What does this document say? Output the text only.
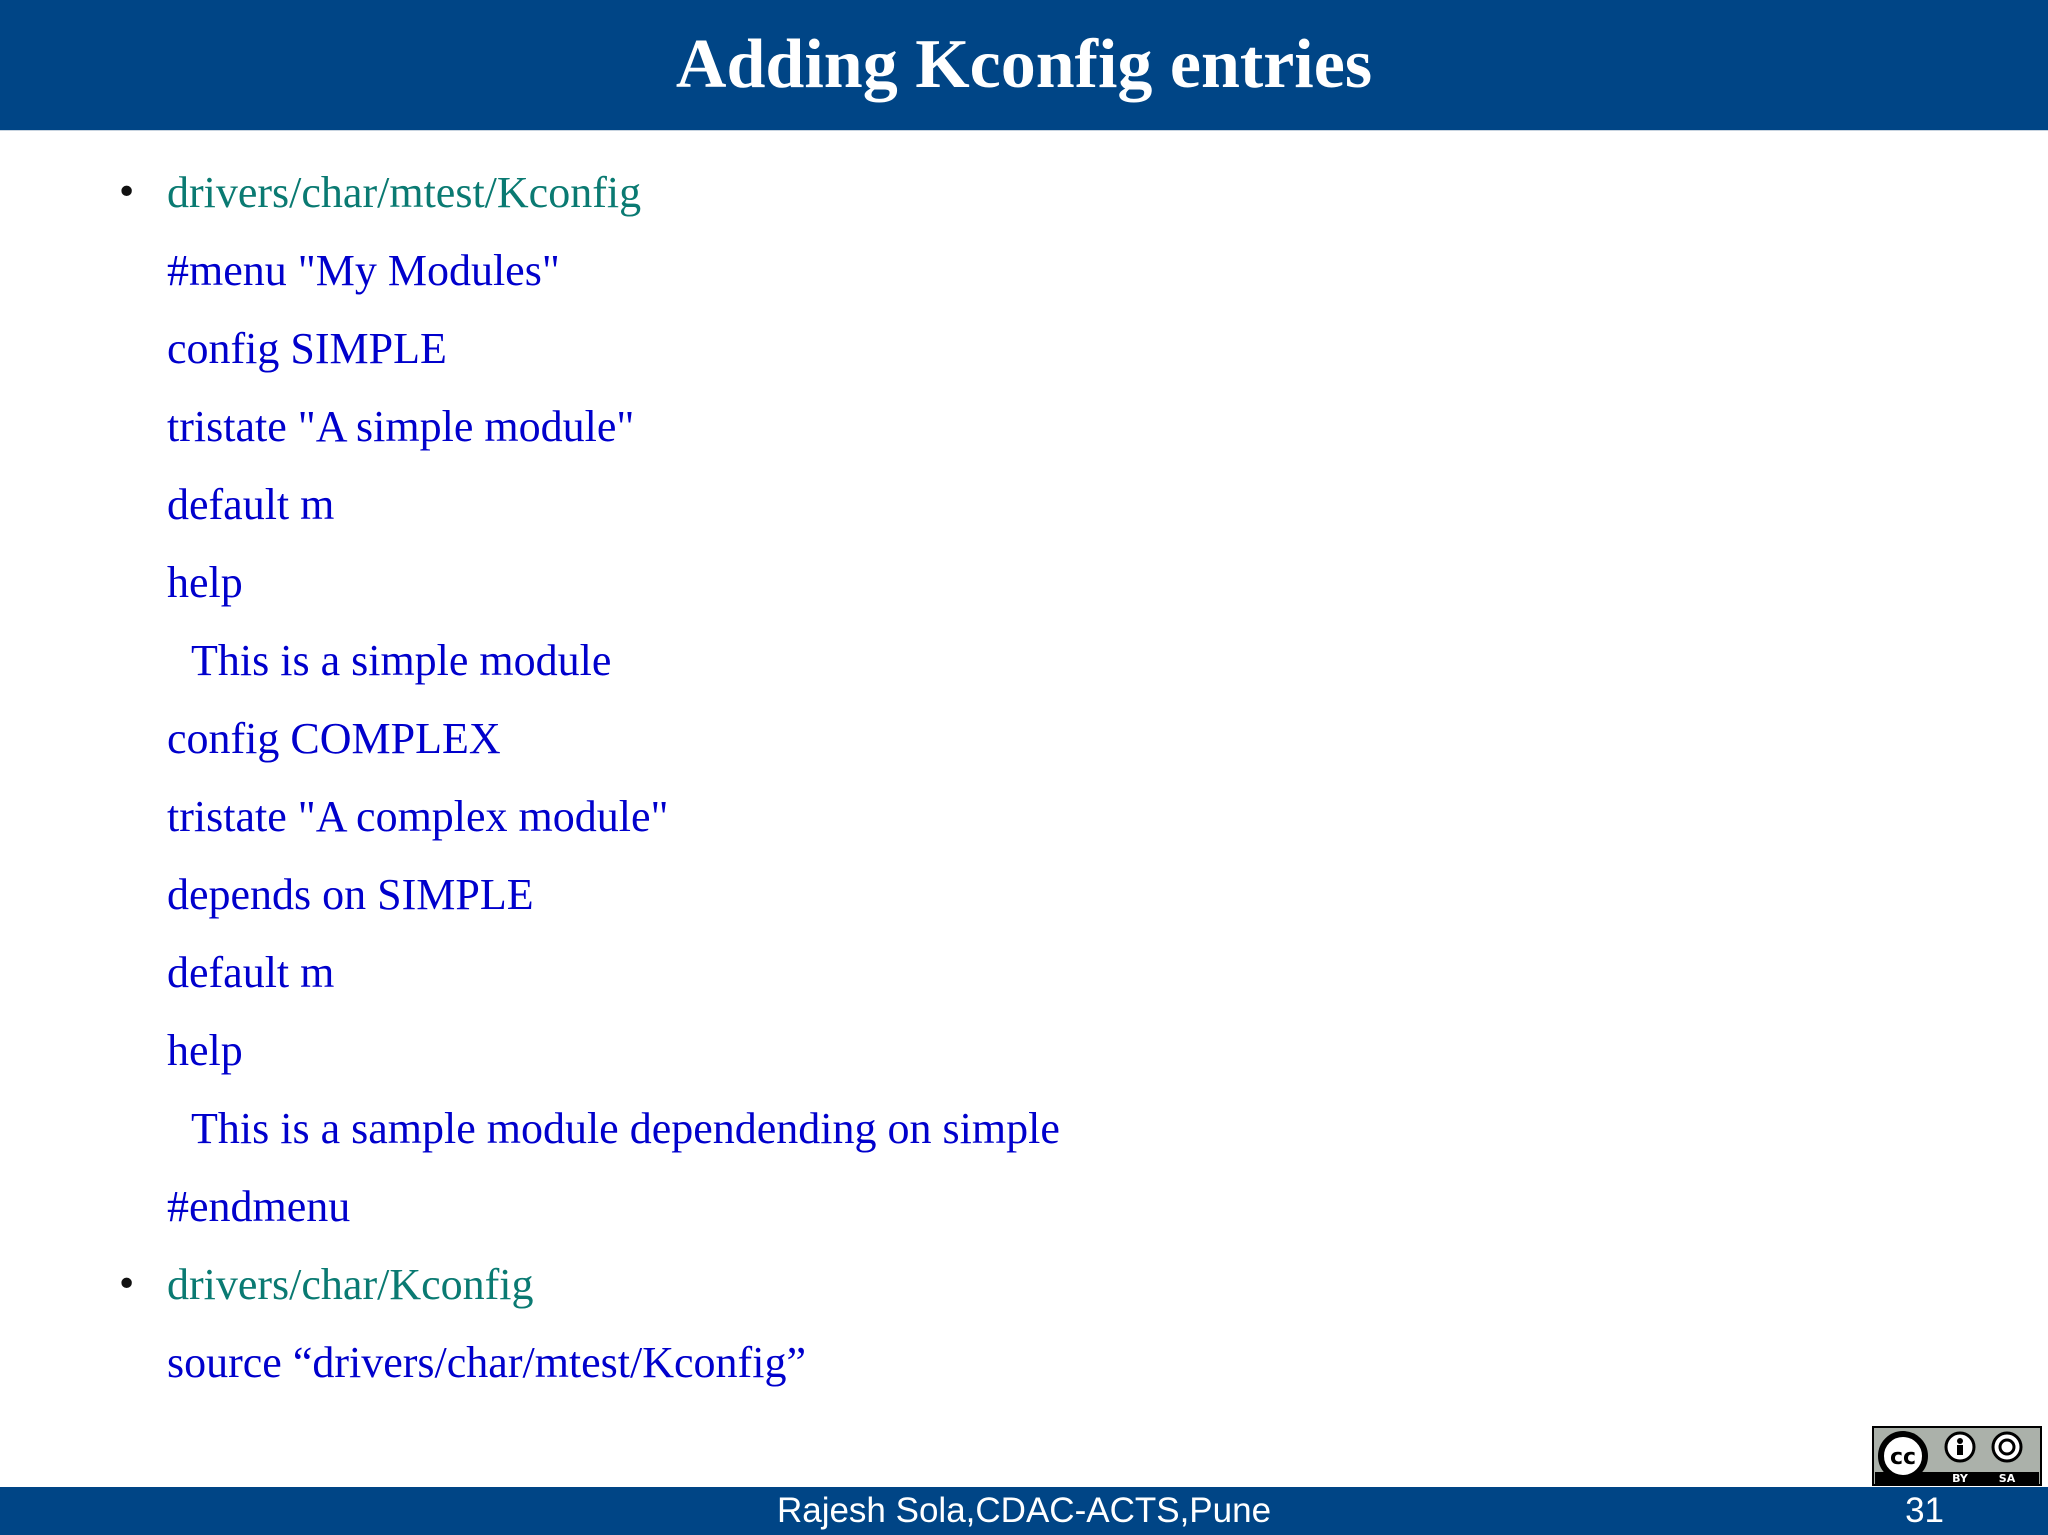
Adding Kconfig entries
• drivers/char/mtest/Kconfig
#menu "My Modules"
config SIMPLE
tristate "A simple module"
default m
help
This is a simple module
config COMPLEX
tristate "A complex module"
depends on SIMPLE
default m
help
This is a sample module dependending on simple
#endmenu
• drivers/char/Kconfig
source “drivers/char/mtest/Kconfig”
cc
BY	SA
Rajesh Sola,CDAC-ACTS,Pune	31
